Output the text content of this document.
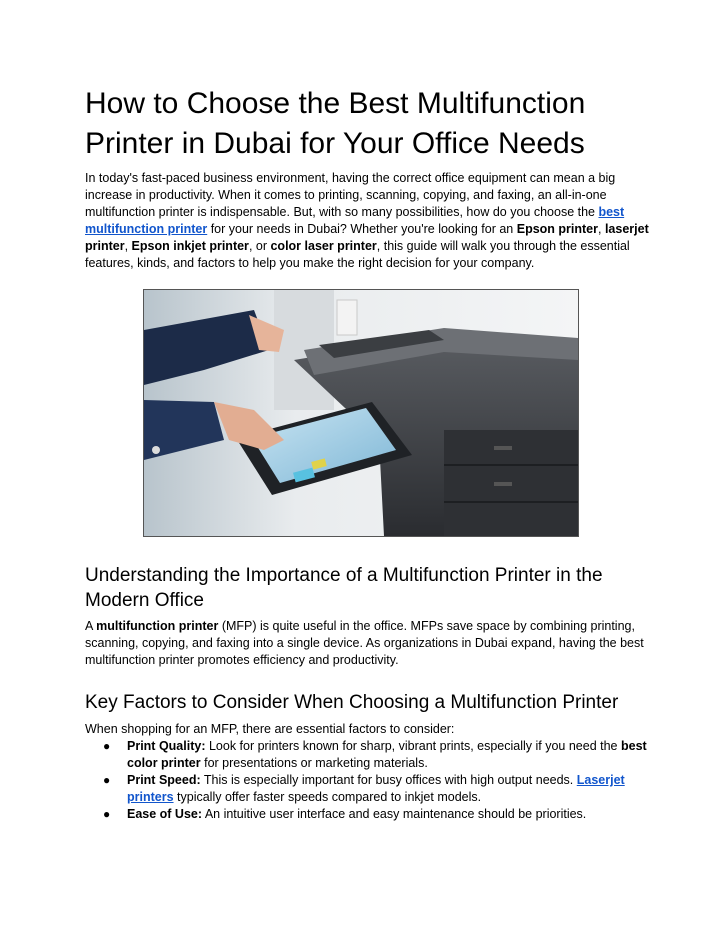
How to Choose the Best Multifunction Printer in Dubai for Your Office Needs

In today's fast-paced business environment, having the correct office equipment can mean a big increase in productivity. When it comes to printing, scanning, copying, and faxing, an all-in-one multifunction printer is indispensable. But, with so many possibilities, how do you choose the best multifunction printer for your needs in Dubai? Whether you're looking for an Epson printer, laserjet printer, Epson inkjet printer, or color laser printer, this guide will walk you through the essential features, kinds, and factors to help you make the right decision for your company.

Understanding the Importance of a Multifunction Printer in the Modern Office

A multifunction printer (MFP) is quite useful in the office. MFPs save space by combining printing, scanning, copying, and faxing into a single device. As organizations in Dubai expand, having the best multifunction printer promotes efficiency and productivity.

Key Factors to Consider When Choosing a Multifunction Printer

When shopping for an MFP, there are essential factors to consider:

● Print Quality: Look for printers known for sharp, vibrant prints, especially if you need the best color printer for presentations or marketing materials.
● Print Speed: This is especially important for busy offices with high output needs. Laserjet printers typically offer faster speeds compared to inkjet models.
● Ease of Use: An intuitive user interface and easy maintenance should be priorities.
